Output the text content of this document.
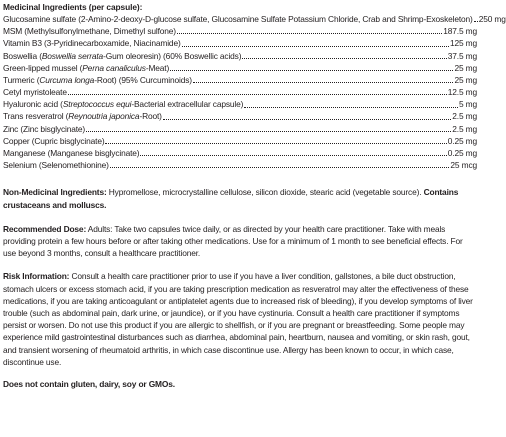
Medicinal Ingredients (per capsule):
Glucosamine sulfate (2-Amino-2-deoxy-D-glucose sulfate, Glucosamine Sulfate Potassium Chloride, Crab and Shrimp-Exoskeleton) 250 mg
MSM (Methylsulfonylmethane, Dimethyl sulfone)	187.5 mg
Vitamin B3 (3-Pyridinecarboxamide, Niacinamide)	125 mg
Boswellia (Boswellia serrata-Gum oleoresin) (60% Boswellic acids)	37.5 mg
Green-lipped mussel (Perna canaliculus-Meat)	25 mg
Turmeric (Curcuma longa-Root) (95% Curcuminoids)	25 mg
Cetyl myristoleate	12.5 mg
Hyaluronic acid (Streptococcus equi-Bacterial extracellular capsule)	5 mg
Trans resveratrol (Reynoutria japonica-Root)	2.5 mg
Zinc (Zinc bisglycinate)	2.5 mg
Copper (Cupric bisglycinate)	0.25 mg
Manganese (Manganese bisglycinate)	0.25 mg
Selenium (Selenomethionine)	25 mcg

Non-Medicinal Ingredients: Hypromellose, microcrystalline cellulose, silicon dioxide, stearic acid (vegetable source). Contains crustaceans and molluscs.

Recommended Dose: Adults: Take two capsules twice daily, or as directed by your health care practitioner. Take with meals providing protein a few hours before or after taking other medications. Use for a minimum of 1 month to see beneficial effects. For use beyond 3 months, consult a healthcare practitioner.

Risk Information: Consult a health care practitioner prior to use if you have a liver condition, gallstones, a bile duct obstruction, stomach ulcers or excess stomach acid, if you are taking prescription medication as resveratrol may alter the effectiveness of these medications, if you are taking anticoagulant or antiplatelet agents due to increased risk of bleeding), if you develop symptoms of liver trouble (such as abdominal pain, dark urine, or jaundice), or if you have cystinuria. Consult a health care practitioner if symptoms persist or worsen. Do not use this product if you are allergic to shellfish, or if you are pregnant or breastfeeding. Some people may experience mild gastrointestinal disturbances such as diarrhea, abdominal pain, heartburn, nausea and vomiting, or skin rash, gout, and transient worsening of rheumatoid arthritis, in which case discontinue use. Allergy has been known to occur, in which case, discontinue use.

Does not contain gluten, dairy, soy or GMOs.
